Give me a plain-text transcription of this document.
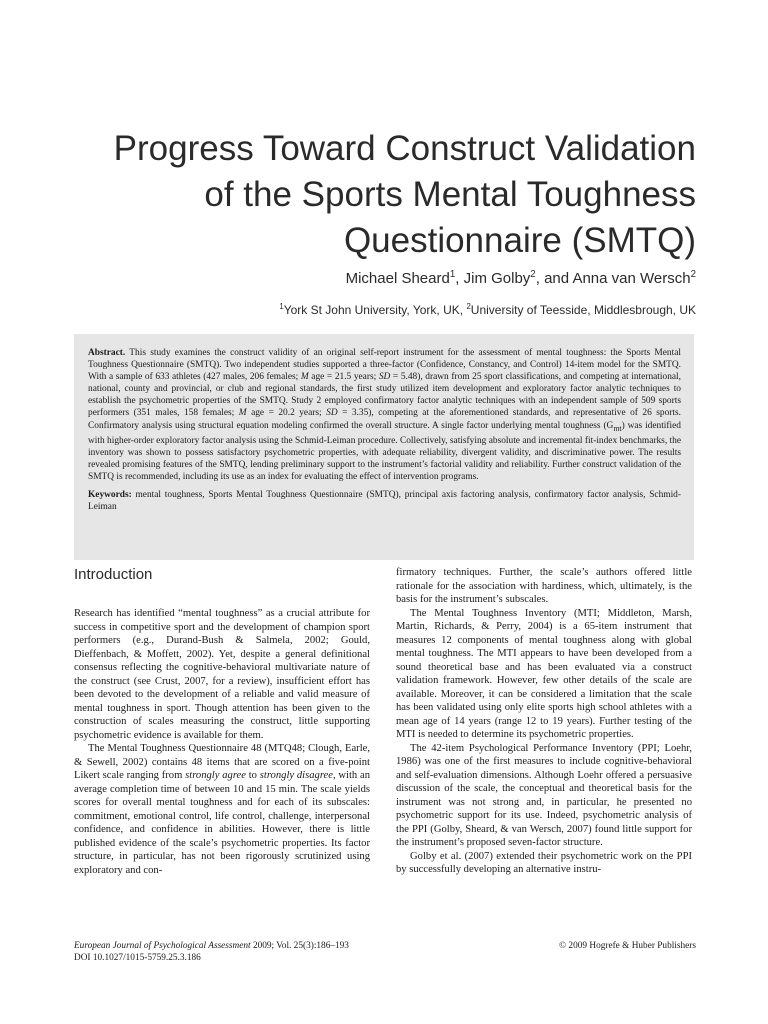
Progress Toward Construct Validation
of the Sports Mental Toughness
Questionnaire (SMTQ)
Michael Sheard$^1$, Jim Golby$^2$, and Anna van Wersch$^2$
$^1$York St John University, York, UK, $^2$University of Teesside, Middlesbrough, UK

Abstract. This study examines the construct validity of an original self-report instrument for the assessment of mental toughness: the Sports Mental Toughness Questionnaire (SMTQ). Two independent studies supported a three-factor (Confidence, Constancy, and Control) 14-item model for the SMTQ. With a sample of 633 athletes (427 males, 206 females; M age = 21.5 years; SD = 5.48), drawn from 25 sport classifications, and competing at international, national, county and provincial, or club and regional standards, the first study utilized item development and exploratory factor analytic techniques to establish the psychometric properties of the SMTQ. Study 2 employed confirmatory factor analytic techniques with an independent sample of 509 sports performers (351 males, 158 females; M age = 20.2 years; SD = 3.35), competing at the aforementioned standards, and representative of 26 sports. Confirmatory analysis using structural equation modeling confirmed the overall structure. A single factor underlying mental toughness $(G_{mt})$ was identified with higher-order exploratory factor analysis using the Schmid-Leiman procedure. Collectively, satisfying absolute and incremental fit-index benchmarks, the inventory was shown to possess satisfactory psychometric properties, with adequate reliability, divergent validity, and discriminative power. The results revealed promising features of the SMTQ, lending preliminary support to the instrument’s factorial validity and reliability. Further construct validation of the SMTQ is recommended, including its use as an index for evaluating the effect of intervention programs.

Keywords: mental toughness, Sports Mental Toughness Questionnaire (SMTQ), principal axis factoring analysis, confirmatory factor analysis, Schmid-Leiman

Introduction

Research has identified “mental toughness” as a crucial attribute for success in competitive sport and the development of champion sport performers (e.g., Durand-Bush & Salmela, 2002; Gould, Dieffenbach, & Moffett, 2002). Yet, despite a general definitional consensus reflecting the cognitive-behavioral multivariate nature of the construct (see Crust, 2007, for a review), insufficient effort has been devoted to the development of a reliable and valid measure of mental toughness in sport. Though attention has been given to the construction of scales measuring the construct, little supporting psychometric evidence is available for them.

The Mental Toughness Questionnaire 48 (MTQ48; Clough, Earle, & Sewell, 2002) contains 48 items that are scored on a five-point Likert scale ranging from strongly agree to strongly disagree, with an average completion time of between 10 and 15 min. The scale yields scores for overall mental toughness and for each of its subscales: commitment, emotional control, life control, challenge, interpersonal confidence, and confidence in abilities. However, there is little published evidence of the scale’s psychometric properties. Its factor structure, in particular, has not been rigorously scrutinized using exploratory and con-

firmatory techniques. Further, the scale’s authors offered little rationale for the association with hardiness, which, ultimately, is the basis for the instrument’s subscales.

The Mental Toughness Inventory (MTI; Middleton, Marsh, Martin, Richards, & Perry, 2004) is a 65-item instrument that measures 12 components of mental toughness along with global mental toughness. The MTI appears to have been developed from a sound theoretical base and has been evaluated via a construct validation framework. However, few other details of the scale are available. Moreover, it can be considered a limitation that the scale has been validated using only elite sports high school athletes with a mean age of 14 years (range 12 to 19 years). Further testing of the MTI is needed to determine its psychometric properties.

The 42-item Psychological Performance Inventory (PPI; Loehr, 1986) was one of the first measures to include cognitive-behavioral and self-evaluation dimensions. Although Loehr offered a persuasive discussion of the scale, the conceptual and theoretical basis for the instrument was not strong and, in particular, he presented no psychometric support for its use. Indeed, psychometric analysis of the PPI (Golby, Sheard, & van Wersch, 2007) found little support for the instrument’s proposed seven-factor structure.

Golby et al. (2007) extended their psychometric work on the PPI by successfully developing an alternative instru-

European Journal of Psychological Assessment 2009; Vol. 25(3):186–193
DOI 10.1027/1015-5759.25.3.186
© 2009 Hogrefe & Huber Publishers
